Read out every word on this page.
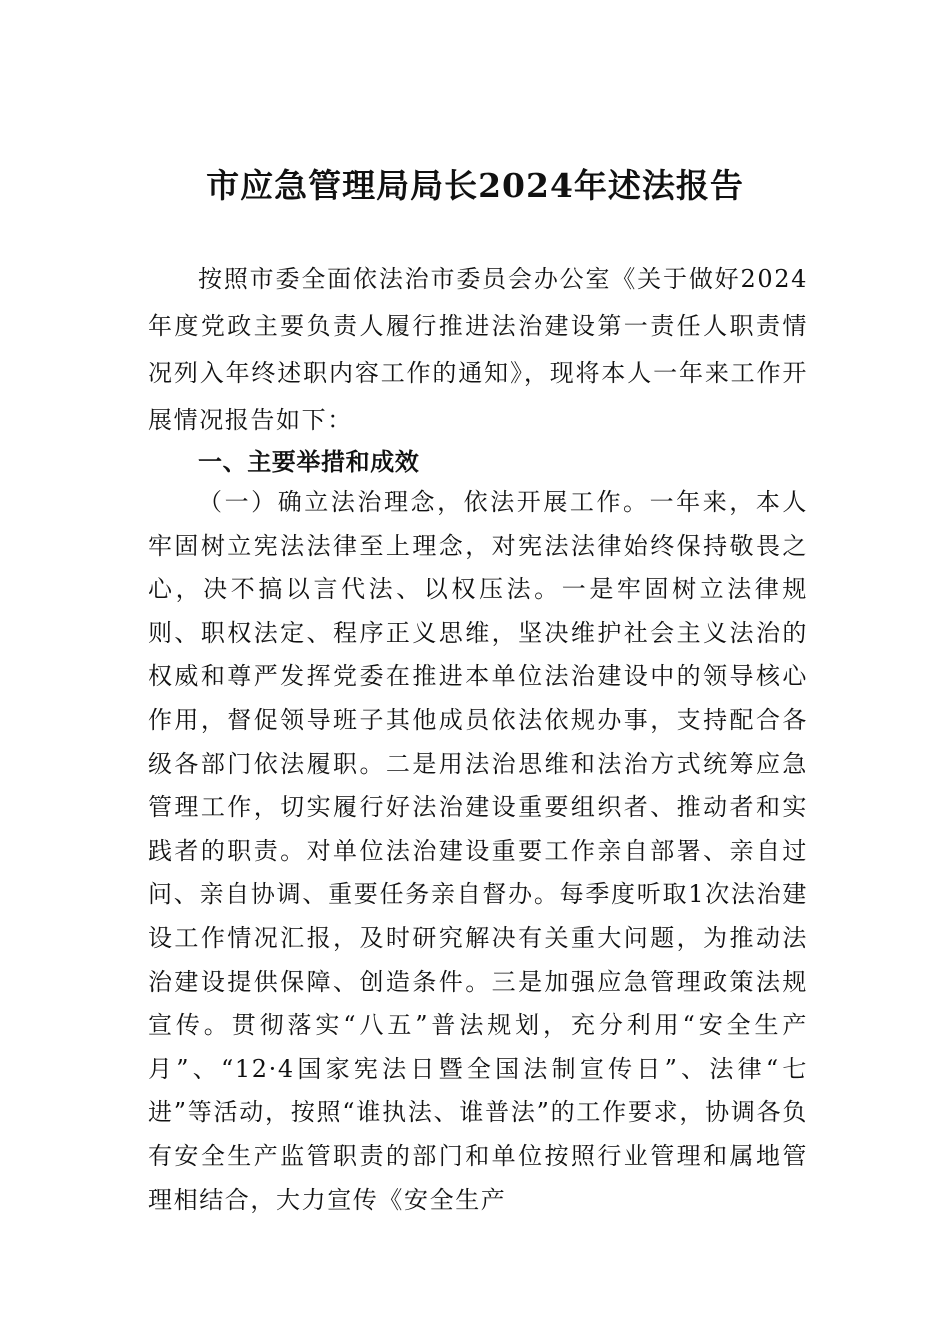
市应急管理局局长2024年述法报告

按照市委全面依法治市委员会办公室《关于做好2024年度党政主要负责人履行推进法治建设第一责任人职责情况列入年终述职内容工作的通知》，现将本人一年来工作开展情况报告如下：

一、主要举措和成效

（一）确立法治理念，依法开展工作。一年来，本人牢固树立宪法法律至上理念，对宪法法律始终保持敬畏之心，决不搞以言代法、以权压法。一是牢固树立法律规则、职权法定、程序正义思维，坚决维护社会主义法治的权威和尊严发挥党委在推进本单位法治建设中的领导核心作用，督促领导班子其他成员依法依规办事，支持配合各级各部门依法履职。二是用法治思维和法治方式统筹应急管理工作，切实履行好法治建设重要组织者、推动者和实践者的职责。对单位法治建设重要工作亲自部署、亲自过问、亲自协调、重要任务亲自督办。每季度听取1次法治建设工作情况汇报，及时研究解决有关重大问题，为推动法治建设提供保障、创造条件。三是加强应急管理政策法规宣传。贯彻落实“八五”普法规划，充分利用“安全生产月”、“12·4国家宪法日暨全国法制宣传日”、法律“七进”等活动，按照“谁执法、谁普法”的工作要求，协调各负有安全生产监管职责的部门和单位按照行业管理和属地管理相结合，大力宣传《安全生产
